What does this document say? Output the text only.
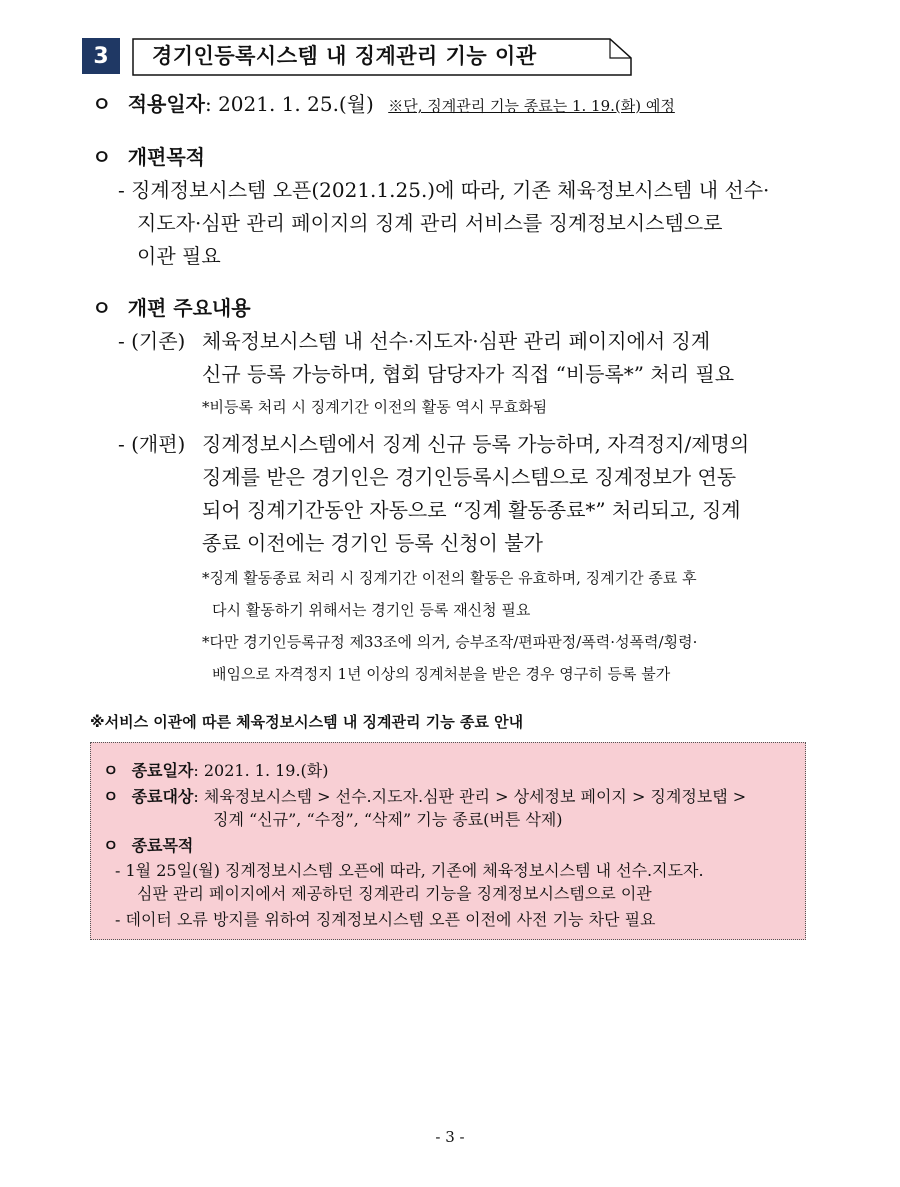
3	경기인등록시스템 내 징계관리 기능 이관
ㅇ 적용일자: 2021. 1. 25.(월) ※단, 징계관리 기능 종료는 1. 19.(화) 예정
ㅇ 개편목적
- 징계정보시스템 오픈(2021.1.25.)에 따라, 기존 체육정보시스템 내 선수·
지도자·심판 관리 페이지의 징계 관리 서비스를 징계정보시스템으로
이관 필요
ㅇ 개편 주요내용
- (기존) 체육정보시스템 내 선수·지도자·심판 관리 페이지에서 징계
신규 등록 가능하며, 협회 담당자가 직접 “비등록*” 처리 필요
*비등록 처리 시 징계기간 이전의 활동 역시 무효화됨
- (개편) 징계정보시스템에서 징계 신규 등록 가능하며, 자격정지/제명의
징계를 받은 경기인은 경기인등록시스템으로 징계정보가 연동
되어 징계기간동안 자동으로 “징계 활동종료*” 처리되고, 징계
종료 이전에는 경기인 등록 신청이 불가
*징계 활동종료 처리 시 징계기간 이전의 활동은 유효하며, 징계기간 종료 후
다시 활동하기 위해서는 경기인 등록 재신청 필요
*다만 경기인등록규정 제33조에 의거, 승부조작/편파판정/폭력·성폭력/횡령·
배임으로 자격정지 1년 이상의 징계처분을 받은 경우 영구히 등록 불가
※서비스 이관에 따른 체육정보시스템 내 징계관리 기능 종료 안내
ㅇ 종료일자: 2021. 1. 19.(화)
ㅇ 종료대상: 체육정보시스템 > 선수.지도자.심판 관리 > 상세정보 페이지 > 징계정보탭 >
징계 “신규”, “수정”, “삭제” 기능 종료(버튼 삭제)
ㅇ 종료목적
- 1월 25일(월) 징계정보시스템 오픈에 따라, 기존에 체육정보시스템 내 선수.지도자.
심판 관리 페이지에서 제공하던 징계관리 기능을 징계정보시스템으로 이관
- 데이터 오류 방지를 위하여 징계정보시스템 오픈 이전에 사전 기능 차단 필요
- 3 -
